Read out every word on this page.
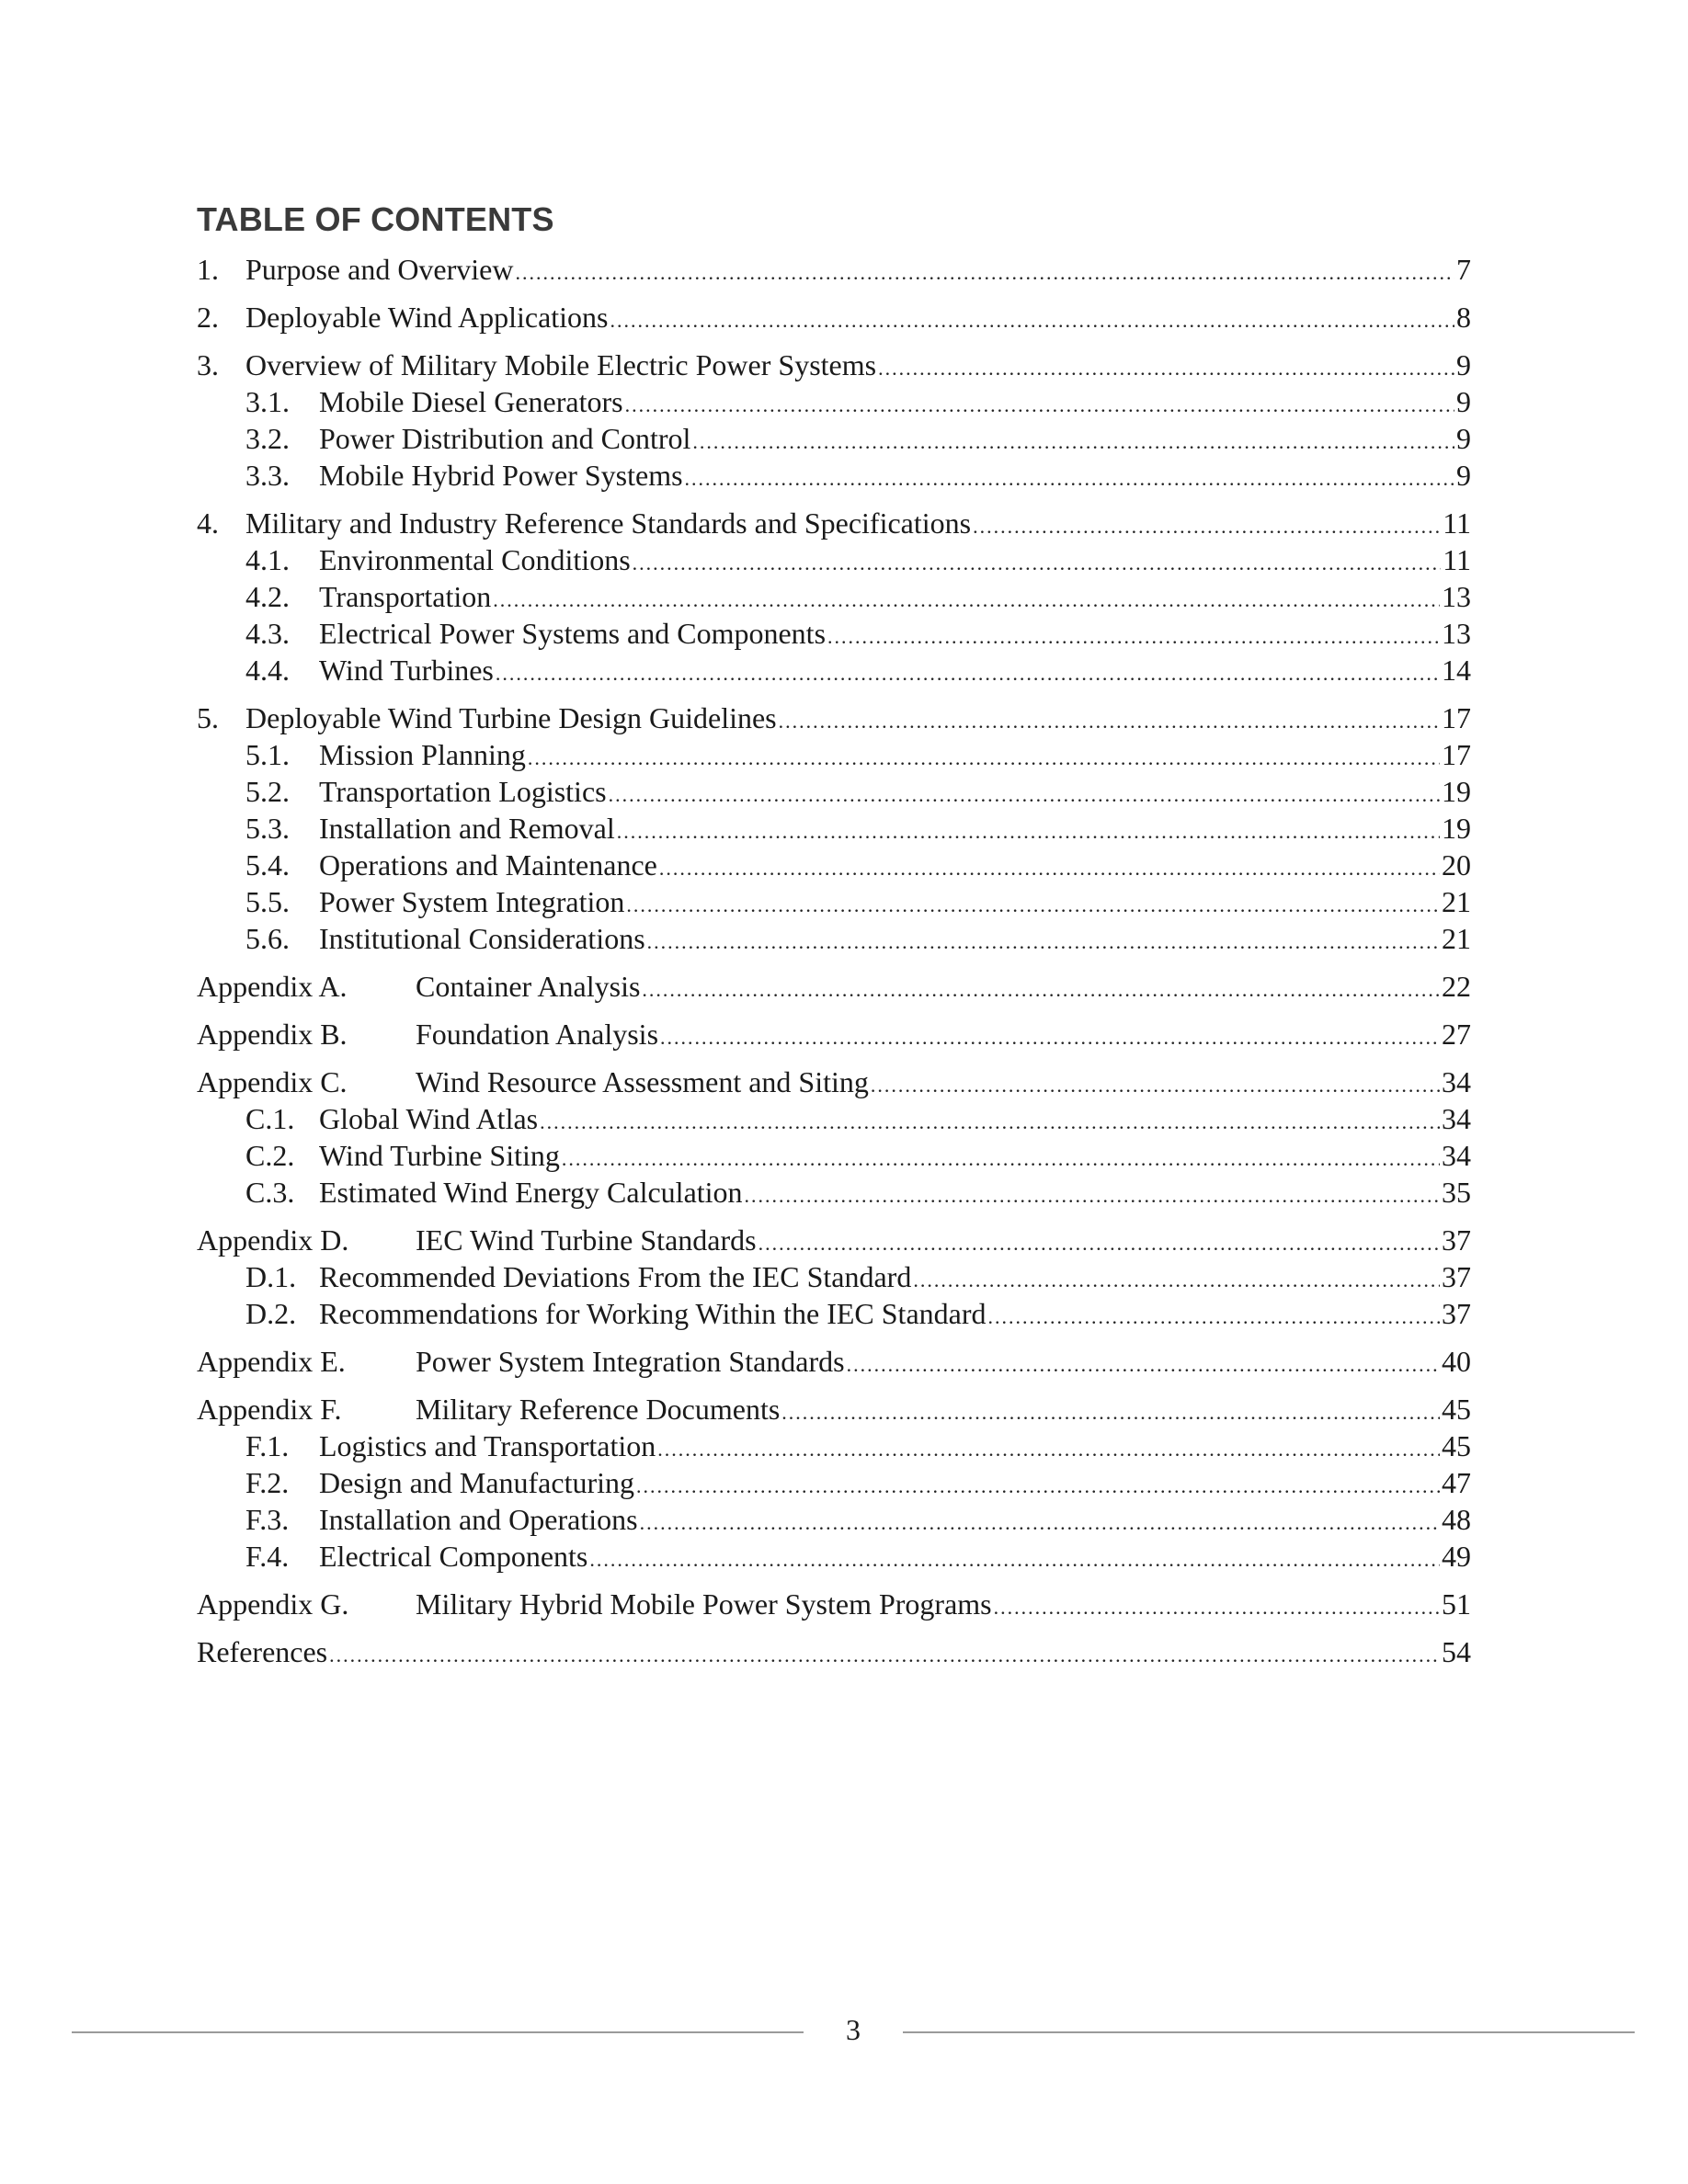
TABLE OF CONTENTS
1. Purpose and Overview .....	7
2. Deployable Wind Applications .....	8
3. Overview of Military Mobile Electric Power Systems .....	9
3.1.	Mobile Diesel Generators .....	9
3.2.	Power Distribution and Control .....	9
3.3.	Mobile Hybrid Power Systems .....	9
4. Military and Industry Reference Standards and Specifications .....	11
4.1.	Environmental Conditions .....	11
4.2.	Transportation .....	13
4.3.	Electrical Power Systems and Components .....	13
4.4.	Wind Turbines .....	14
5. Deployable Wind Turbine Design Guidelines .....	17
5.1.	Mission Planning .....	17
5.2.	Transportation Logistics .....	19
5.3.	Installation and Removal .....	19
5.4.	Operations and Maintenance .....	20
5.5.	Power System Integration .....	21
5.6.	Institutional Considerations .....	21
Appendix A.	Container Analysis .....	22
Appendix B.	Foundation Analysis .....	27
Appendix C.	Wind Resource Assessment and Siting .....	34
C.1. Global Wind Atlas .....	34
C.2. Wind Turbine Siting .....	34
C.3. Estimated Wind Energy Calculation .....	35
Appendix D.	IEC Wind Turbine Standards .....	37
D.1. Recommended Deviations From the IEC Standard .....	37
D.2. Recommendations for Working Within the IEC Standard .....	37
Appendix E.	Power System Integration Standards .....	40
Appendix F.	Military Reference Documents .....	45
F.1.	Logistics and Transportation .....	45
F.2.	Design and Manufacturing .....	47
F.3.	Installation and Operations .....	48
F.4.	Electrical Components .....	49
Appendix G.	Military Hybrid Mobile Power System Programs .....	51
References .....	54
3
